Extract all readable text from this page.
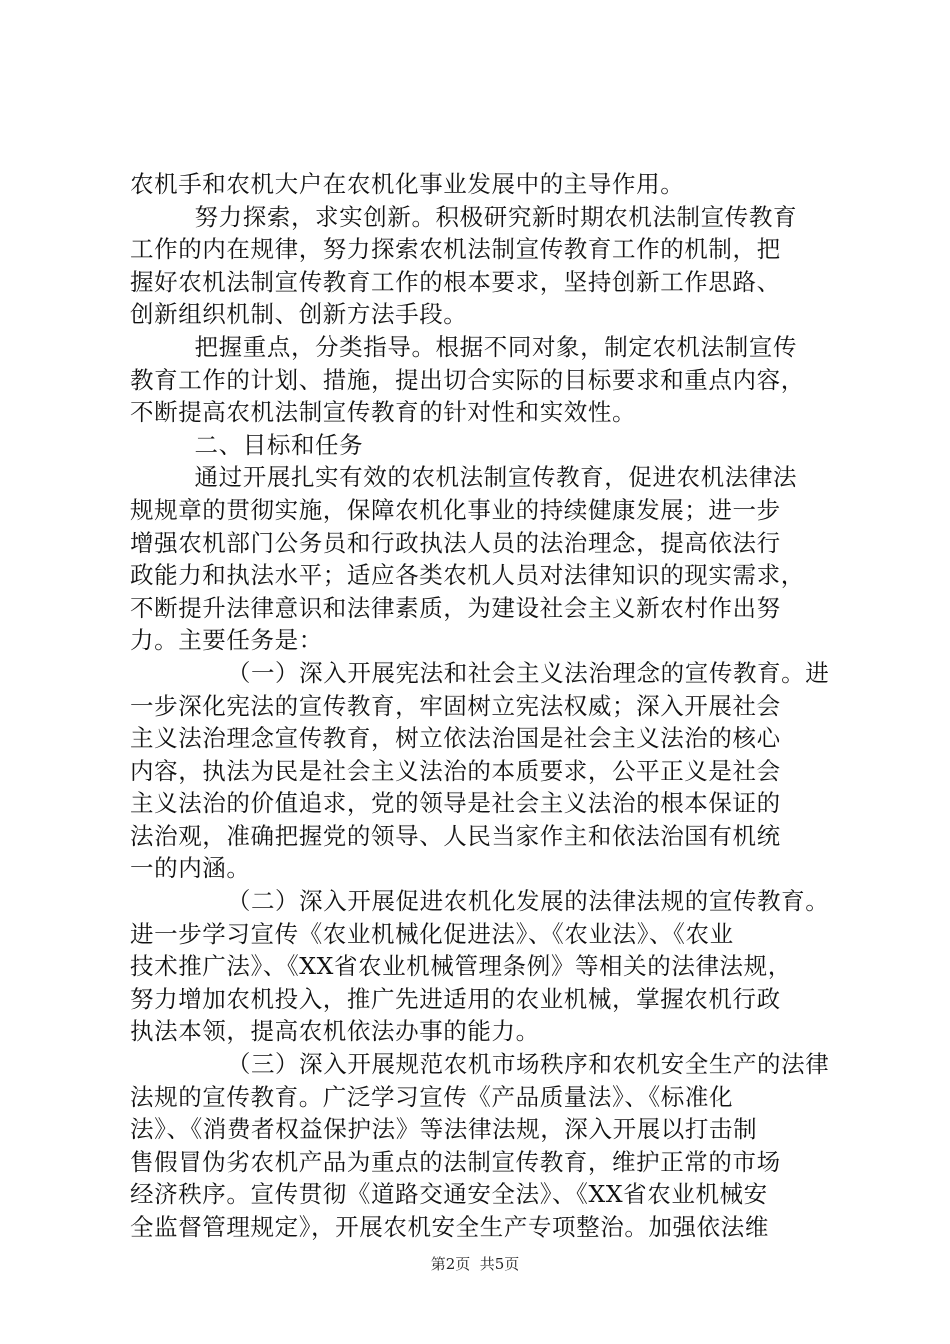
农机手和农机大户在农机化事业发展中的主导作用。
努力探索，求实创新。积极研究新时期农机法制宣传教育
工作的内在规律，努力探索农机法制宣传教育工作的机制，把
握好农机法制宣传教育工作的根本要求，坚持创新工作思路、
创新组织机制、创新方法手段。
把握重点，分类指导。根据不同对象，制定农机法制宣传
教育工作的计划、措施，提出切合实际的目标要求和重点内容，
不断提高农机法制宣传教育的针对性和实效性。
二、目标和任务
通过开展扎实有效的农机法制宣传教育，促进农机法律法
规规章的贯彻实施，保障农机化事业的持续健康发展；进一步
增强农机部门公务员和行政执法人员的法治理念，提高依法行
政能力和执法水平；适应各类农机人员对法律知识的现实需求，
不断提升法律意识和法律素质，为建设社会主义新农村作出努
力。主要任务是：
（一）深入开展宪法和社会主义法治理念的宣传教育。进
一步深化宪法的宣传教育，牢固树立宪法权威；深入开展社会
主义法治理念宣传教育，树立依法治国是社会主义法治的核心
内容，执法为民是社会主义法治的本质要求，公平正义是社会
主义法治的价值追求，党的领导是社会主义法治的根本保证的
法治观，准确把握党的领导、人民当家作主和依法治国有机统
一的内涵。
（二）深入开展促进农机化发展的法律法规的宣传教育。
进一步学习宣传《农业机械化促进法》、《农业法》、《农业
技术推广法》、《XX省农业机械管理条例》等相关的法律法规，
努力增加农机投入，推广先进适用的农业机械，掌握农机行政
执法本领，提高农机依法办事的能力。
（三）深入开展规范农机市场秩序和农机安全生产的法律
法规的宣传教育。广泛学习宣传《产品质量法》、《标准化
法》、《消费者权益保护法》等法律法规，深入开展以打击制
售假冒伪劣农机产品为重点的法制宣传教育，维护正常的市场
经济秩序。宣传贯彻《道路交通安全法》、《XX省农业机械安
全监督管理规定》，开展农机安全生产专项整治。加强依法维
第2页  共5页
